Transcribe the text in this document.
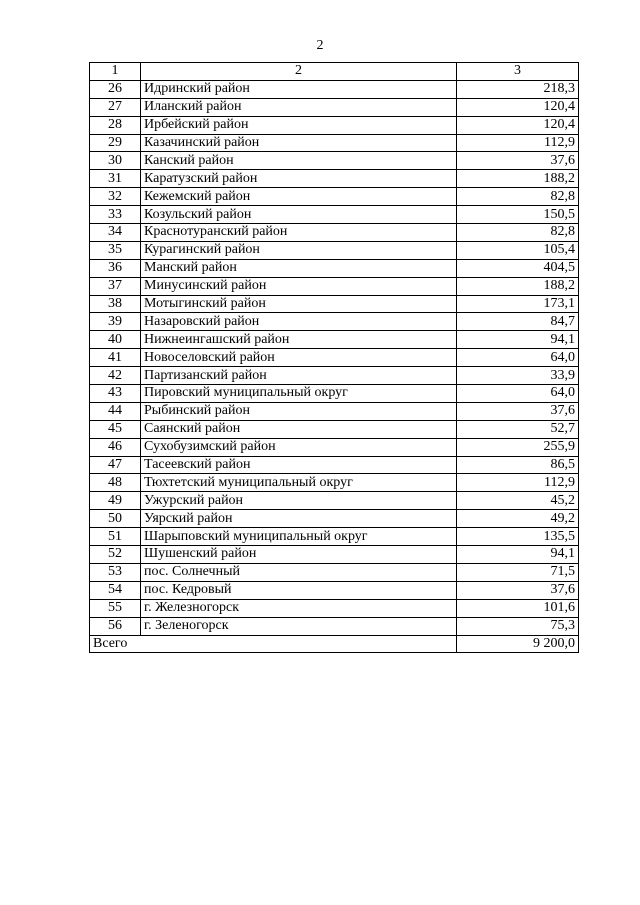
2
1	2	3
26	Идринский район	218,3
27	Иланский район	120,4
28	Ирбейский район	120,4
29	Казачинский район	112,9
30	Канский район	37,6
31	Каратузский район	188,2
32	Кежемский район	82,8
33	Козульский район	150,5
34	Краснотуранский район	82,8
35	Курагинский район	105,4
36	Манский район	404,5
37	Минусинский район	188,2
38	Мотыгинский район	173,1
39	Назаровский район	84,7
40	Нижнеингашский район	94,1
41	Новоселовский район	64,0
42	Партизанский район	33,9
43	Пировский муниципальный округ	64,0
44	Рыбинский район	37,6
45	Саянский район	52,7
46	Сухобузимский район	255,9
47	Тасеевский район	86,5
48	Тюхтетский муниципальный округ	112,9
49	Ужурский район	45,2
50	Уярский район	49,2
51	Шарыповский муниципальный округ	135,5
52	Шушенский район	94,1
53	пос. Солнечный	71,5
54	пос. Кедровый	37,6
55	г. Железногорск	101,6
56	г. Зеленогорск	75,3
Всего		9 200,0
